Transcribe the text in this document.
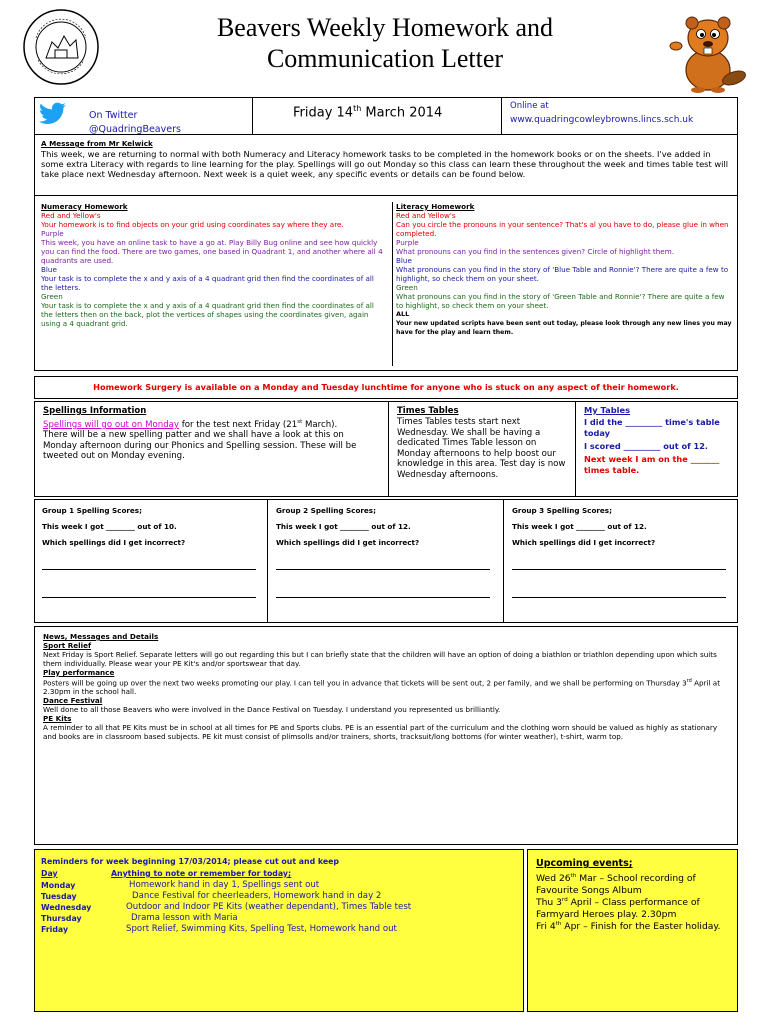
Beavers Weekly Homework and
Communication Letter
On Twitter
@QuadringBeavers
Friday 14th March 2014	Online at
www.quadringcowleybrowns.lincs.sch.uk
A Message from Mr Kelwick
This week, we are returning to normal with both Numeracy and Literacy homework tasks to be completed in the homework books or on the sheets. I've added in some extra Literacy with regards to line learning for the play. Spellings will go out Monday so this class can learn these throughout the week and times table test will take place next Wednesday afternoon. Next week is a quiet week, any specific events or details can be found below.
Numeracy Homework
Red and Yellow's
Your homework is to find objects on your grid using coordinates say where they are.
Purple
This week, you have an online task to have a go at. Play Billy Bug online and see how quickly you can find the food. There are two games, one based in Quadrant 1, and another where all 4 quadrants are used.
Blue
Your task is to complete the x and y axis of a 4 quadrant grid then find the coordinates of all the letters.
Green
Your task is to complete the x and y axis of a 4 quadrant grid then find the coordinates of all the letters then on the back, plot the vertices of shapes using the coordinates given, again using a 4 quadrant grid.
Literacy Homework
Red and Yellow's
Can you circle the pronouns in your sentence? That's al you have to do, please glue in when completed.
Purple
What pronouns can you find in the sentences given? Circle of highlight them.
Blue
What pronouns can you find in the story of 'Blue Table and Ronnie'? There are quite a few to highlight, so check them on your sheet.
Green
What pronouns can you find in the story of 'Green Table and Ronnie'? There are quite a few to highlight, so check them on your sheet.
ALL
Your new updated scripts have been sent out today, please look through any new lines you may have for the play and learn them.
Homework Surgery is available on a Monday and Tuesday lunchtime for anyone who is stuck on any aspect of their homework.
Spellings Information
Spellings will go out on Monday for the test next Friday (21st March). There will be a new spelling patter and we shall have a look at this on Monday afternoon during our Phonics and Spelling session. These will be tweeted out on Monday evening.
Times Tables
Times Tables tests start next Wednesday. We shall be having a dedicated Times Table lesson on Monday afternoons to help boost our knowledge in this area. Test day is now Wednesday afternoons.
My Tables
I did the _________ time's table today
I scored _________ out of 12.
Next week I am on the _______ times table.
Group 1 Spelling Scores;
This week I got ________ out of 10.
Which spellings did I get incorrect?
Group 2 Spelling Scores;
This week I got ________ out of 12.
Which spellings did I get incorrect?
Group 3 Spelling Scores;
This week I got ________ out of 12.
Which spellings did I get incorrect?
News, Messages and Details
Sport Relief
Next Friday is Sport Relief. Separate letters will go out regarding this but I can briefly state that the children will have an option of doing a biathlon or triathlon depending upon which suits them individually. Please wear your PE Kit's and/or sportswear that day.
Play performance
Posters will be going up over the next two weeks promoting our play. I can tell you in advance that tickets will be sent out, 2 per family, and we shall be performing on Thursday 3rd April at 2.30pm in the school hall.
Dance Festival
Well done to all those Beavers who were involved in the Dance Festival on Tuesday. I understand you represented us brilliantly.
PE Kits
A reminder to all that PE Kits must be in school at all times for PE and Sports clubs. PE is an essential part of the curriculum and the clothing worn should be valued as highly as stationary and books are in classroom based subjects. PE kit must consist of plimsolls and/or trainers, shorts, tracksuit/long bottoms (for winter weather), t-shirt, warm top.
Reminders for week beginning 17/03/2014; please cut out and keep
Day	Anything to note or remember for today;
Monday	Homework hand in day 1, Spellings sent out
Tuesday	Dance Festival for cheerleaders, Homework hand in day 2
Wednesday	Outdoor and Indoor PE Kits (weather dependant), Times Table test
Thursday	Drama lesson with Maria
Friday	Sport Relief, Swimming Kits, Spelling Test, Homework hand out
Upcoming events;
Wed 26th Mar – School recording of Favourite Songs Album
Thu 3rd April – Class performance of Farmyard Heroes play. 2.30pm
Fri 4th Apr – Finish for the Easter holiday.
